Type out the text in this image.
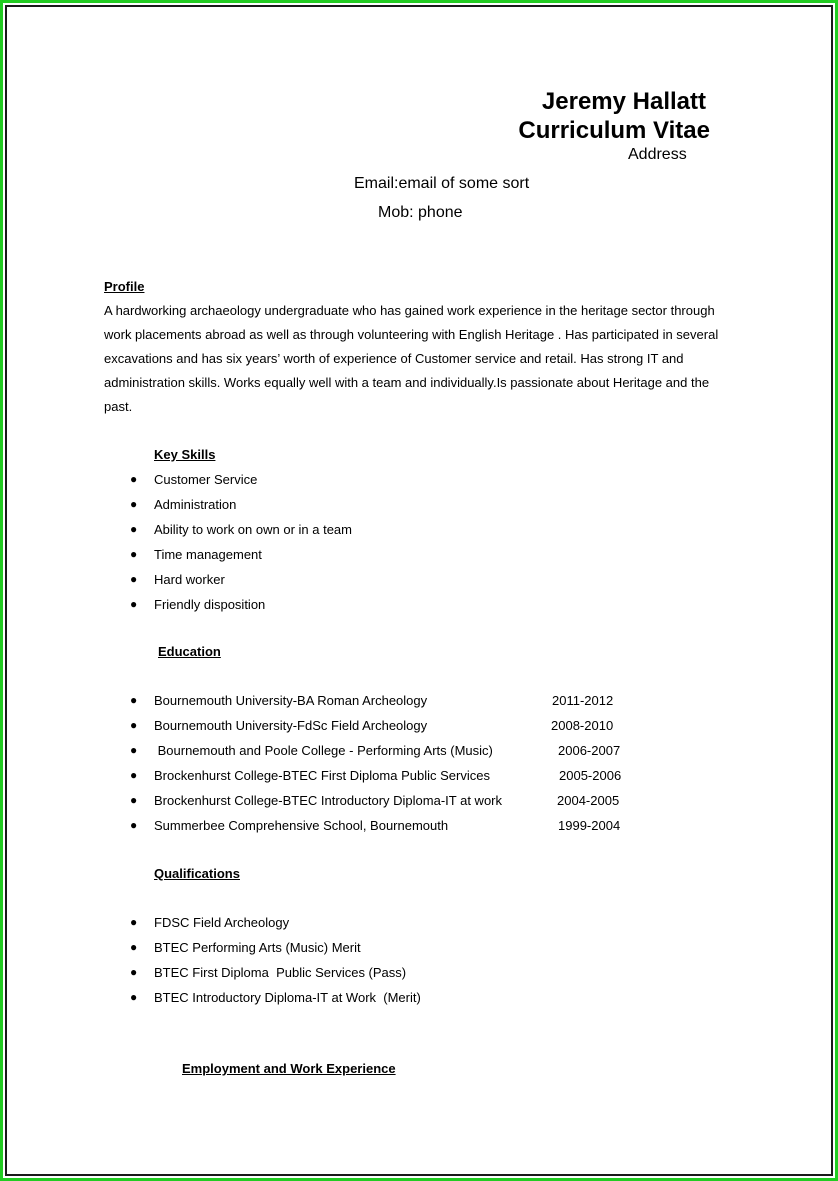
Jeremy Hallatt
Curriculum Vitae
Address
Email:email of some sort
Mob: phone
Profile
A hardworking archaeology undergraduate who has gained work experience in the heritage sector through work placements abroad as well as through volunteering with English Heritage . Has participated in several excavations and has six years’ worth of experience of Customer service and retail. Has strong IT and administration skills. Works equally well with a team and individually.Is passionate about Heritage and the past.
Key Skills
● Customer Service
● Administration
● Ability to work on own or in a team
● Time management
● Hard worker
● Friendly disposition
Education
● Bournemouth University-BA Roman Archeology	2011-2012
● Bournemouth University-FdSc Field Archeology	2008-2010
● Bournemouth and Poole College - Performing Arts (Music)	2006-2007
● Brockenhurst College-BTEC First Diploma Public Services	2005-2006
● Brockenhurst College-BTEC Introductory Diploma-IT at work	2004-2005
● Summerbee Comprehensive School, Bournemouth	1999-2004
Qualifications
● FDSC Field Archeology
● BTEC Performing Arts (Music) Merit
● BTEC First Diploma  Public Services (Pass)
● BTEC Introductory Diploma-IT at Work  (Merit)
Employment and Work Experience
